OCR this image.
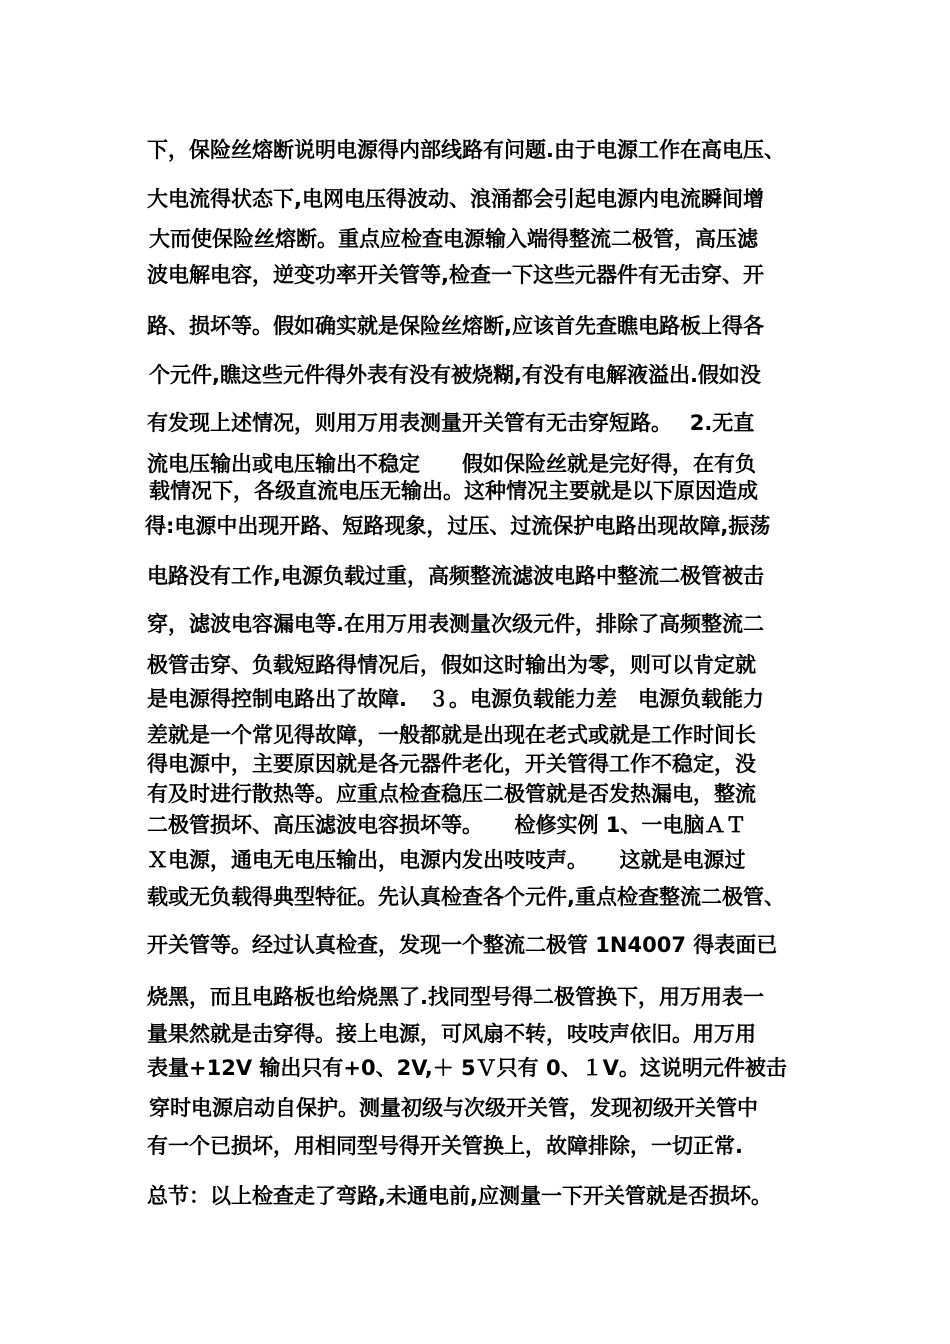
下，保险丝熔断说明电源得内部线路有问题.由于电源工作在高电压、
大电流得状态下,电网电压得波动、浪涌都会引起电源内电流瞬间增
大而使保险丝熔断。重点应检查电源输入端得整流二极管，高压滤
波电解电容，逆变功率开关管等,检查一下这些元器件有无击穿、开
路、损坏等。假如确实就是保险丝熔断,应该首先查瞧电路板上得各
个元件,瞧这些元件得外表有没有被烧糊,有没有电解液溢出.假如没
有发现上述情况，则用万用表测量开关管有无击穿短路。　 2.无直
流电压输出或电压输出不稳定　　假如保险丝就是完好得，在有负
载情况下，各级直流电压无输出。这种情况主要就是以下原因造成
得:电源中出现开路、短路现象，过压、过流保护电路出现故障,振荡
电路没有工作,电源负载过重，高频整流滤波电路中整流二极管被击
穿，滤波电容漏电等.在用万用表测量次级元件，排除了高频整流二
极管击穿、负载短路得情况后，假如这时输出为零，则可以肯定就
是电源得控制电路出了故障.　３。电源负载能力差　电源负载能力
差就是一个常见得故障，一般都就是出现在老式或就是工作时间长
得电源中，主要原因就是各元器件老化，开关管得工作不稳定，没
有及时进行散热等。应重点检查稳压二极管就是否发热漏电，整流
二极管损坏、高压滤波电容损坏等。　　检修实例 1、一电脑ＡＴ
Ｘ电源，通电无电压输出，电源内发出吱吱声。　　这就是电源过
载或无负载得典型特征。先认真检查各个元件,重点检查整流二极管、
开关管等。经过认真检查，发现一个整流二极管 1N4007 得表面已
烧黑，而且电路板也给烧黑了.找同型号得二极管换下，用万用表一
量果然就是击穿得。接上电源，可风扇不转，吱吱声依旧。用万用
表量+12V 输出只有+0、2V,＋ 5Ｖ只有 0、１V。这说明元件被击
穿时电源启动自保护。测量初级与次级开关管，发现初级开关管中
有一个已损坏，用相同型号得开关管换上，故障排除，一切正常.
总节：以上检查走了弯路,未通电前,应测量一下开关管就是否损坏。
